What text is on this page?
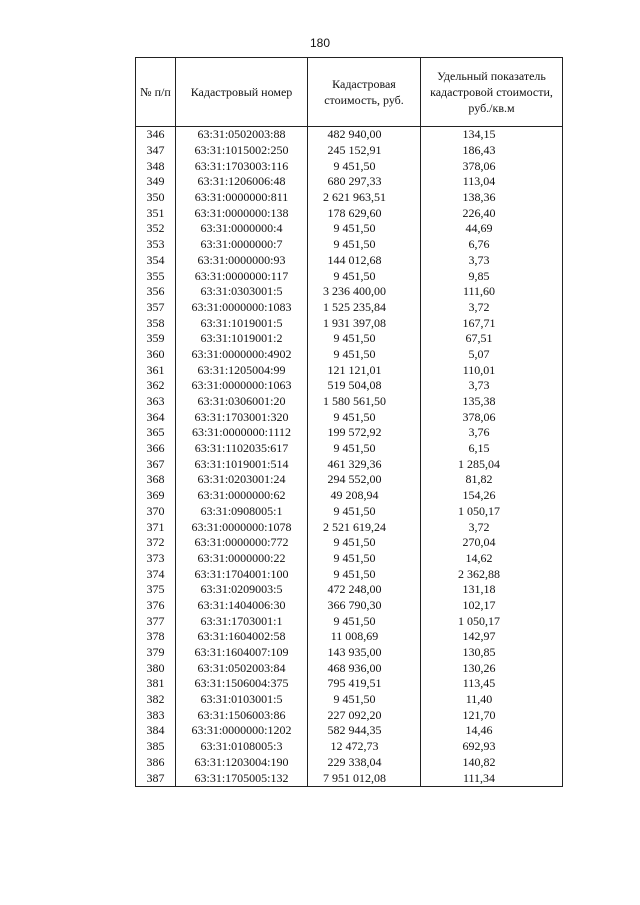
180
№ п/п	Кадастровый номер	Кадастровая стоимость, руб.	Удельный показатель кадастровой стоимости, руб./кв.м
346	63:31:0502003:88	482 940,00	134,15
347	63:31:1015002:250	245 152,91	186,43
348	63:31:1703003:116	9 451,50	378,06
349	63:31:1206006:48	680 297,33	113,04
350	63:31:0000000:811	2 621 963,51	138,36
351	63:31:0000000:138	178 629,60	226,40
352	63:31:0000000:4	9 451,50	44,69
353	63:31:0000000:7	9 451,50	6,76
354	63:31:0000000:93	144 012,68	3,73
355	63:31:0000000:117	9 451,50	9,85
356	63:31:0303001:5	3 236 400,00	111,60
357	63:31:0000000:1083	1 525 235,84	3,72
358	63:31:1019001:5	1 931 397,08	167,71
359	63:31:1019001:2	9 451,50	67,51
360	63:31:0000000:4902	9 451,50	5,07
361	63:31:1205004:99	121 121,01	110,01
362	63:31:0000000:1063	519 504,08	3,73
363	63:31:0306001:20	1 580 561,50	135,38
364	63:31:1703001:320	9 451,50	378,06
365	63:31:0000000:1112	199 572,92	3,76
366	63:31:1102035:617	9 451,50	6,15
367	63:31:1019001:514	461 329,36	1 285,04
368	63:31:0203001:24	294 552,00	81,82
369	63:31:0000000:62	49 208,94	154,26
370	63:31:0908005:1	9 451,50	1 050,17
371	63:31:0000000:1078	2 521 619,24	3,72
372	63:31:0000000:772	9 451,50	270,04
373	63:31:0000000:22	9 451,50	14,62
374	63:31:1704001:100	9 451,50	2 362,88
375	63:31:0209003:5	472 248,00	131,18
376	63:31:1404006:30	366 790,30	102,17
377	63:31:1703001:1	9 451,50	1 050,17
378	63:31:1604002:58	11 008,69	142,97
379	63:31:1604007:109	143 935,00	130,85
380	63:31:0502003:84	468 936,00	130,26
381	63:31:1506004:375	795 419,51	113,45
382	63:31:0103001:5	9 451,50	11,40
383	63:31:1506003:86	227 092,20	121,70
384	63:31:0000000:1202	582 944,35	14,46
385	63:31:0108005:3	12 472,73	692,93
386	63:31:1203004:190	229 338,04	140,82
387	63:31:1705005:132	7 951 012,08	111,34
